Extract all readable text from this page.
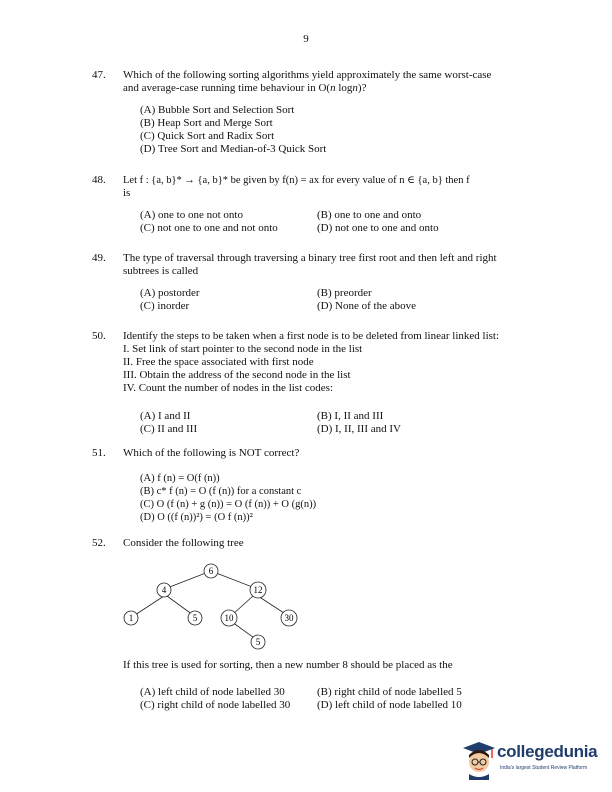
9
47. Which of the following sorting algorithms yield approximately the same worst-case
and average-case running time behaviour in O(n logn)?
(A) Bubble Sort and Selection Sort
(B) Heap Sort and Merge Sort
(C) Quick Sort and Radix Sort
(D) Tree Sort and Median-of-3 Quick Sort
48. Let f : {a, b}* → {a, b}* be given by f(n) = ax for every value of n ∈ {a, b} then f
is
(A) one to one not onto	(B) one to one and onto
(C) not one to one and not onto	(D) not one to one and onto
49. The type of traversal through traversing a binary tree first root and then left and right
subtrees is called
(A) postorder	(B) preorder
(C) inorder	(D) None of the above
50. Identify the steps to be taken when a first node is to be deleted from linear linked list:
I. Set link of start pointer to the second node in the list
II. Free the space associated with first node
III. Obtain the address of the second node in the list
IV. Count the number of nodes in the list codes:
(A) I and II	(B) I, II and III
(C) II and III	(D) I, II, III and IV
51. Which of the following is NOT correct?
(A) f (n) = O(f (n))
(B) c* f (n) = O (f (n)) for a constant c
(C) O (f (n) + g (n)) = O (f (n)) + O (g(n))
(D) O ((f (n))²) = (O f (n))²
52. Consider the following tree
6
4	12
1	5	10	30
5
If this tree is used for sorting, then a new number 8 should be placed as the
(A) left child of node labelled 30	(B) right child of node labelled 5
(C) right child of node labelled 30 (D) left child of node labelled 10
collegedunia
India's largest Student Review Platform
